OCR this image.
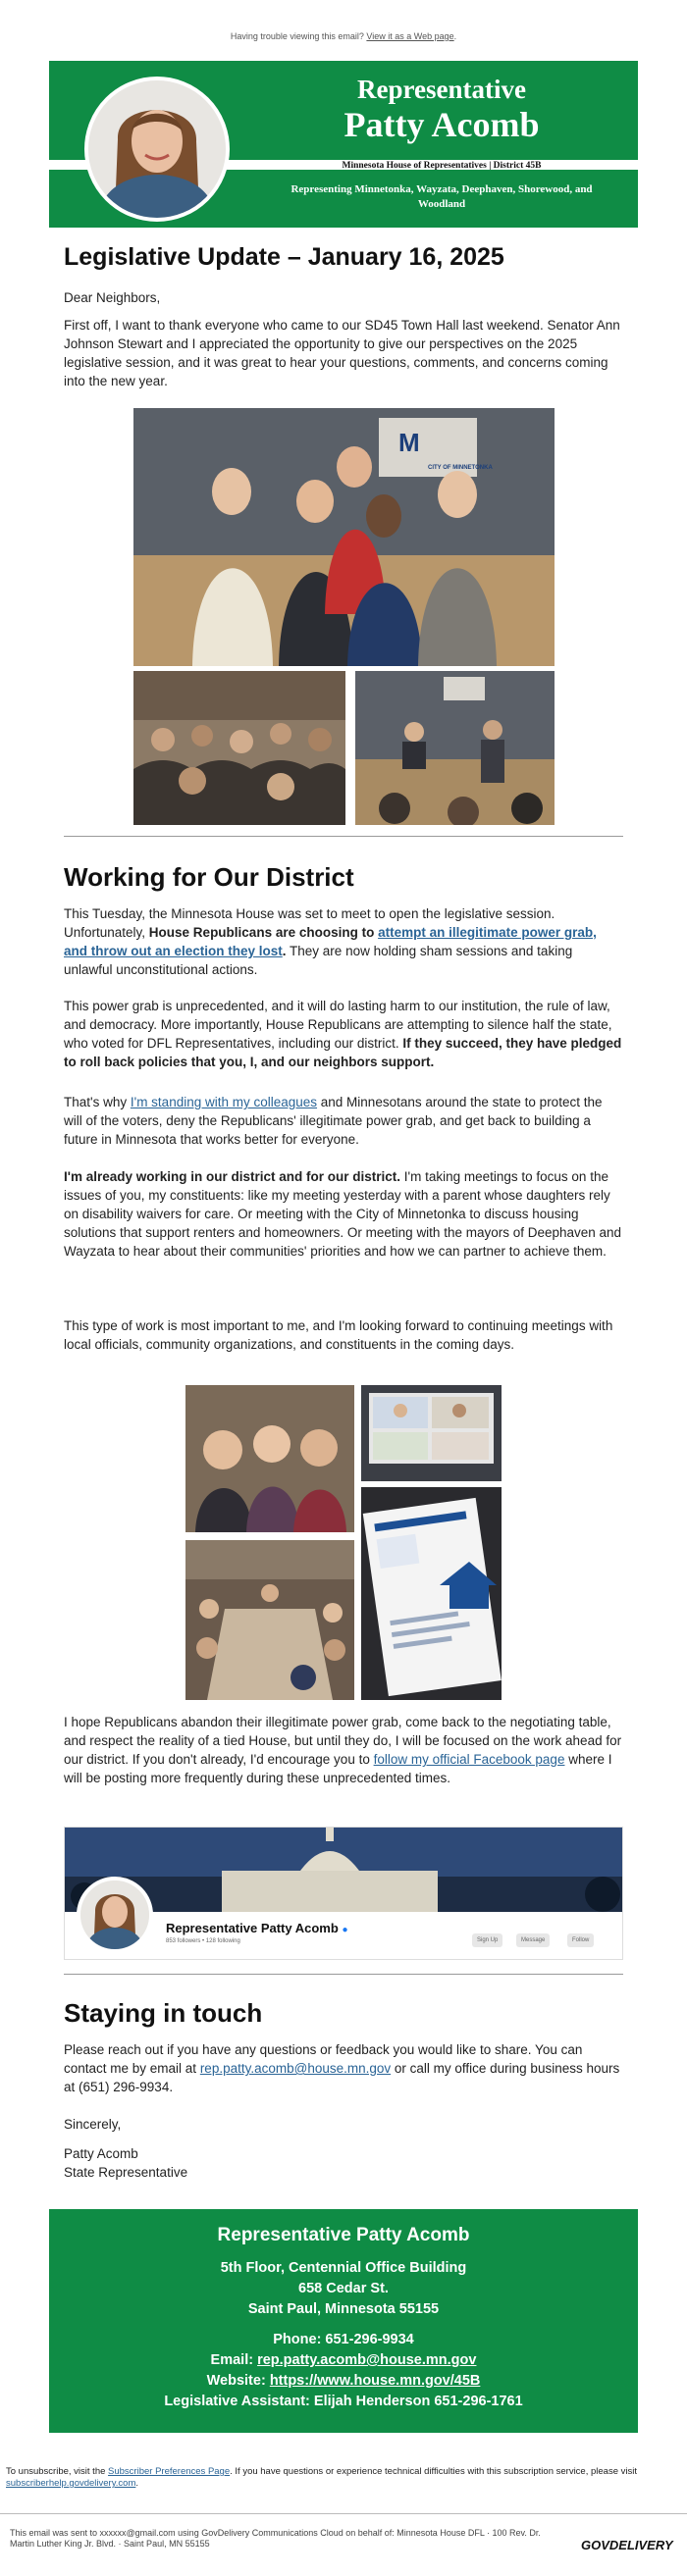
Having trouble viewing this email? View it as a Web page.
Representative
Patty Acomb
Minnesota House of Representatives | District 45B
Representing Minnetonka, Wayzata, Deephaven, Shorewood, and Woodland
Legislative Update – January 16, 2025
Dear Neighbors,
First off, I want to thank everyone who came to our SD45 Town Hall last weekend. Senator Ann Johnson Stewart and I appreciated the opportunity to give our perspectives on the 2025 legislative session, and it was great to hear your questions, comments, and concerns coming into the new year.
M
CITY OF MINNETONKA
Working for Our District
This Tuesday, the Minnesota House was set to meet to open the legislative session. Unfortunately, House Republicans are choosing to attempt an illegitimate power grab, and throw out an election they lost. They are now holding sham sessions and taking unlawful unconstitutional actions.
This power grab is unprecedented, and it will do lasting harm to our institution, the rule of law, and democracy. More importantly, House Republicans are attempting to silence half the state, who voted for DFL Representatives, including our district. If they succeed, they have pledged to roll back policies that you, I, and our neighbors support.
That's why I'm standing with my colleagues and Minnesotans around the state to protect the will of the voters, deny the Republicans' illegitimate power grab, and get back to building a future in Minnesota that works better for everyone.
I'm already working in our district and for our district. I'm taking meetings to focus on the issues of you, my constituents: like my meeting yesterday with a parent whose daughters rely on disability waivers for care. Or meeting with the City of Minnetonka to discuss housing solutions that support renters and homeowners. Or meeting with the mayors of Deephaven and Wayzata to hear about their communities' priorities and how we can partner to achieve them.
This type of work is most important to me, and I'm looking forward to continuing meetings with local officials, community organizations, and constituents in the coming days.
I hope Republicans abandon their illegitimate power grab, come back to the negotiating table, and respect the reality of a tied House, but until they do, I will be focused on the work ahead for our district. If you don't already, I'd encourage you to follow my official Facebook page where I will be posting more frequently during these unprecedented times.
Representative Patty Acomb ●
853 followers • 128 following	Sign Up	Message	Follow
Staying in touch
Please reach out if you have any questions or feedback you would like to share. You can contact me by email at rep.patty.acomb@house.mn.gov or call my office during business hours at (651) 296-9934.
Sincerely,
Patty Acomb
State Representative
Representative Patty Acomb
5th Floor, Centennial Office Building
658 Cedar St.
Saint Paul, Minnesota 55155
Phone: 651-296-9934
Email: rep.patty.acomb@house.mn.gov
Website: https://www.house.mn.gov/45B
Legislative Assistant: Elijah Henderson 651-296-1761
To unsubscribe, visit the Subscriber Preferences Page. If you have questions or experience technical difficulties with this subscription service, please visit subscriberhelp.govdelivery.com.
This email was sent to xxxxxx@gmail.com using GovDelivery Communications Cloud on behalf of: Minnesota House DFL · 100 Rev. Dr. Martin Luther King Jr. Blvd. · Saint Paul, MN 55155	GOVDELIVERY
